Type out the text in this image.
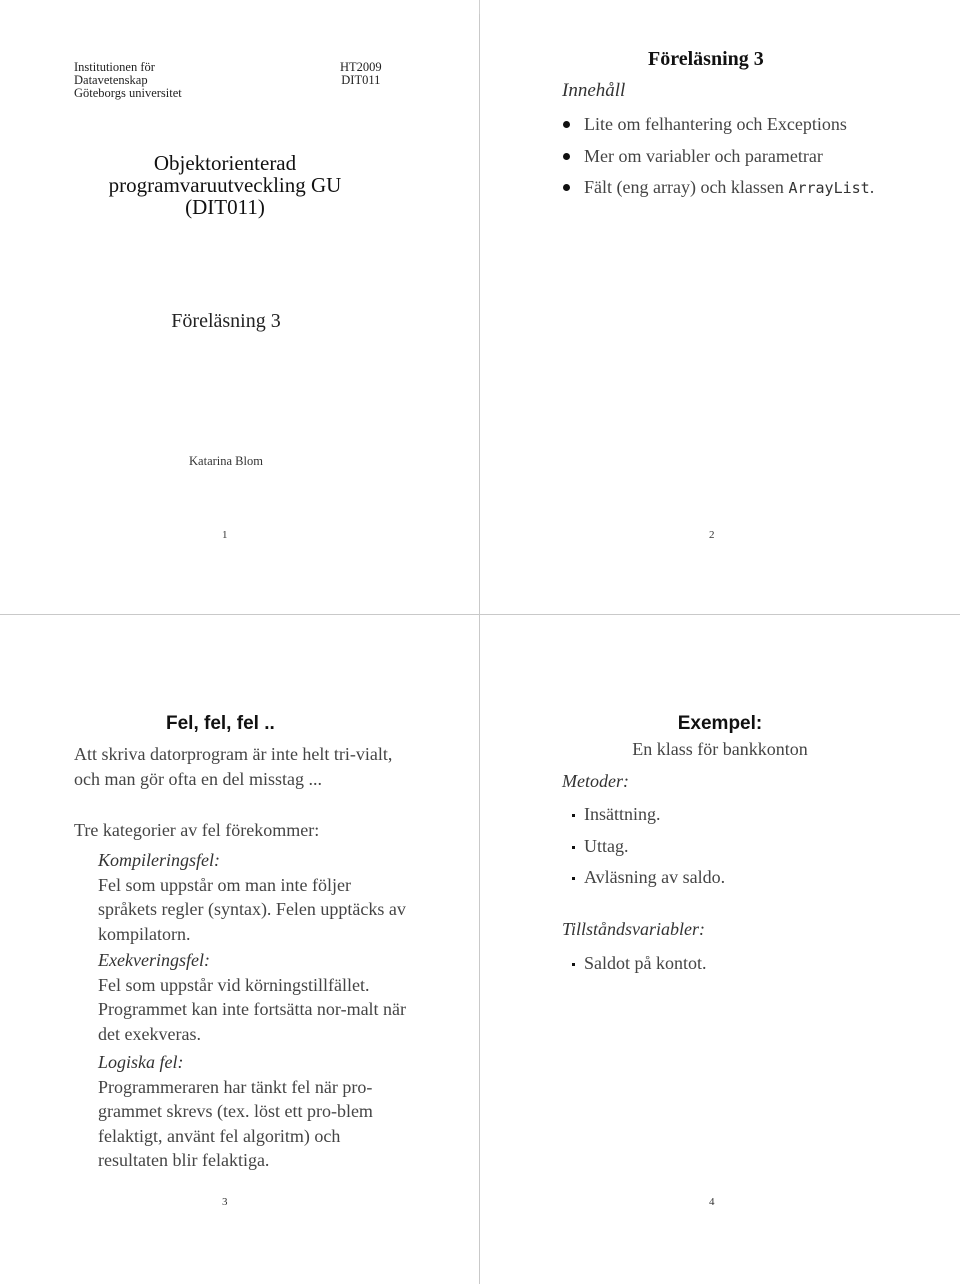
Institutionen för
Datavetenskap
Göteborgs universitet
HT2009
DIT011
Objektorienterad
programvaruutveckling GU
(DIT011)
Föreläsning 3
Katarina Blom
1
Föreläsning 3
Innehåll
Lite om felhantering och Exceptions
Mer om variabler och parametrar
Fält (eng array) och klassen ArrayList.
2
Fel, fel, fel ..
Att skriva datorprogram är inte helt tri-vialt, och man gör ofta en del misstag ...
Tre kategorier av fel förekommer:
Kompileringsfel:
Fel som uppstår om man inte följer språkets regler (syntax). Felen upptäcks av kompilatorn.
Exekveringsfel:
Fel som uppstår vid körningstillfället. Programmet kan inte fortsätta nor-malt när det exekveras.
Logiska fel:
Programmeraren har tänkt fel när pro-grammet skrevs (tex. löst ett pro-blem felaktigt, använt fel algoritm) och resultaten blir felaktiga.
3
Exempel:
En klass för bankkonton
Metoder:
Insättning.
Uttag.
Avläsning av saldo.
Tillståndsvariabler:
Saldot på kontot.
4
